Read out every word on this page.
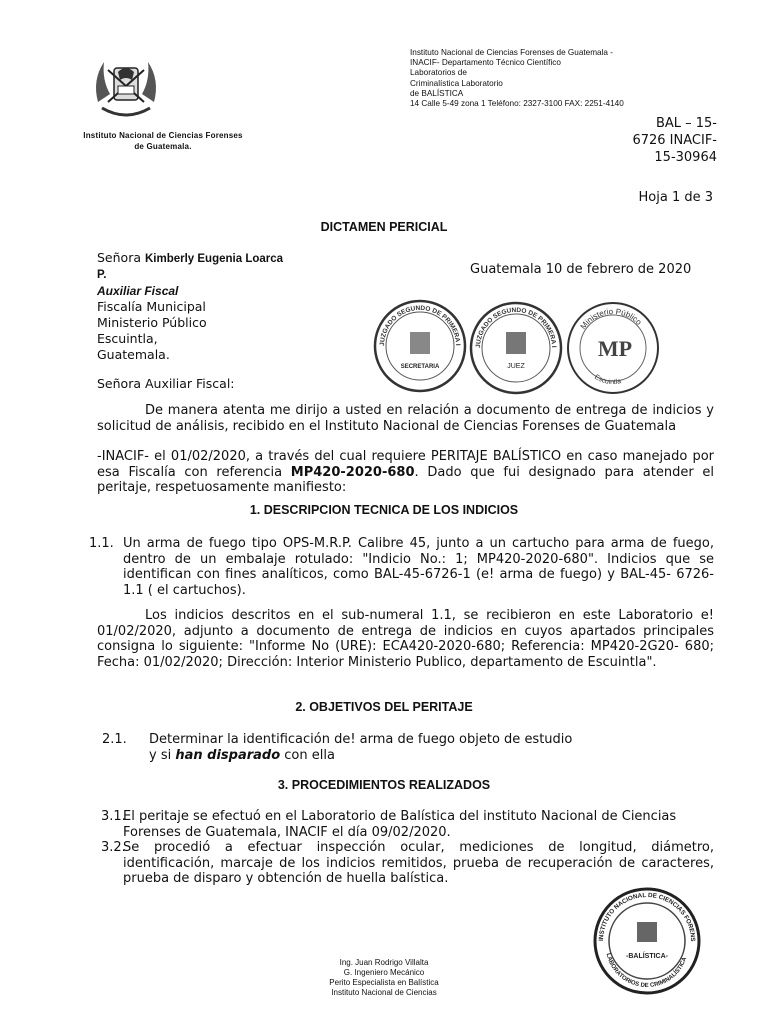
Instituto Nacional de Ciencias Forenses
de Guatemala.
Instituto Nacional de Ciencias Forenses de Guatemala -
INACIF- Departamento Técnico Científico
Laboratorios de
Criminalística Laboratorio
de BALÍSTICA
14 Calle 5-49 zona 1 Teléfono: 2327-3100 FAX: 2251-4140
BAL – 15-
6726 INACIF-
15-30964
Hoja 1 de 3
DICTAMEN PERICIAL
Señora Kimberly Eugenia Loarca
P.
Auxiliar Fiscal
Fiscalía Municipal
Ministerio Público
Escuintla,
Guatemala.
Señora Auxiliar Fiscal:
Guatemala 10 de febrero de 2020
JUZGADO SEGUNDO DE PRIMERA I
SECRETARIA
JUZGADO SEGUNDO DE PRIMERA I
JUEZ
Ministerio Público
MP
Escuintla
De manera atenta me dirijo a usted en relación a documento de entrega de indicios y solicitud de análisis, recibido en el Instituto Nacional de Ciencias Forenses de Guatemala
-INACIF- el 01/02/2020, a través del cual requiere PERITAJE BALÍSTICO en caso manejado por esa Fiscalía con referencia MP420-2020-680. Dado que fui designado para atender el peritaje, respetuosamente manifiesto:
1. DESCRIPCION TECNICA DE LOS INDICIOS
1.1. Un arma de fuego tipo OPS-M.R.P. Calibre 45, junto a un cartucho para arma de fuego, dentro de un embalaje rotulado: "Indicio No.: 1; MP420-2020-680". Indicios que se identifican con fines analíticos, como BAL-45-6726-1 (e! arma de fuego) y BAL-45- 6726-1.1 ( el cartuchos).
Los indicios descritos en el sub-numeral 1.1, se recibieron en este Laboratorio e! 01/02/2020, adjunto a documento de entrega de indicios en cuyos apartados principales consigna lo siguiente: "Informe No (URE): ECA420-2020-680; Referencia: MP420-2G20- 680; Fecha: 01/02/2020; Dirección: Interior Ministerio Publico, departamento de Escuintla".
2. OBJETIVOS DEL PERITAJE
2.1. Determinar la identificación de! arma de fuego objeto de estudio y si han disparado con ella
3. PROCEDIMIENTOS REALIZADOS
3.1.
El peritaje se efectuó en el Laboratorio de Balística del instituto Nacional de Ciencias Forenses de Guatemala, INACIF el día 09/02/2020.
3.2.
Se procedió a efectuar inspección ocular, mediciones de longitud, diámetro, identificación, marcaje de los indicios remitidos, prueba de recuperación de caracteres, prueba de disparo y obtención de huella balística.
INSTITUTO NACIONAL DE CIENCIAS FORENS
-BALÍSTICA-
LABORATORIOS DE CRIMINALÍSTICA
Ing. Juan Rodrigo Villalta
G. Ingeniero Mecánico
Perito Especialista en Balística
Instituto Nacional de Ciencias
